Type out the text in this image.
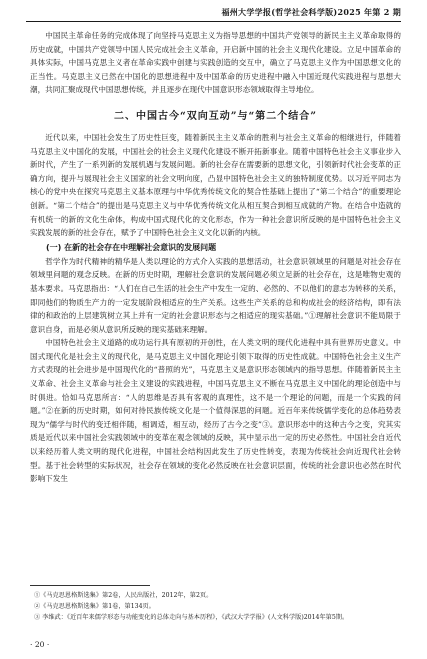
福州大学学报(哲学社会科学版)2025 年第 2 期

中国民主革命任务的完成体现了向坚持马克思主义为指导思想的中国共产党领导的新民主主义革命取得的历史成就，中国共产党领导中国人民完成社会主义革命，开启新中国的社会主义现代化建设。立足中国革命的具体实际，中国马克思主义者在革命实践中创建与实践创造的交互中，确立了马克思主义作为中国思想文化的正当性。马克思主义已然在中国化的思想进程中及中国革命的历史进程中融入中国近现代实践进程与思想大潮，共同汇聚成现代中国思想传统，并且逐步在现代中国意识形态领域取得主导地位。

二、中国古今“双向互动”与“第二个结合”

近代以来，中国社会发生了历史性巨变，随着新民主主义革命的胜利与社会主义革命的相继进行，伴随着马克思主义中国化的发展，中国社会的社会主义现代化建设不断开拓新事业。随着中国特色社会主义事业步入新时代，产生了一系列新的发展机遇与发展问题。新的社会存在需要新的思想文化，引领新时代社会变革的正确方向，提升与展现社会主义国家的社会文明向度，凸显中国特色社会主义的独特制度优势。以习近平同志为核心的党中央在探究马克思主义基本原理与中华优秀传统文化的契合性基础上提出了“第二个结合”的重要理论创新。“第二个结合”的提出是马克思主义与中华优秀传统文化从相互契合到相互成就的产物。在结合中造就的有机统一的新的文化生命体，构成中国式现代化的文化形态，作为一种社会意识所反映的是中国特色社会主义实践发展的新的社会存在，赋予了中国特色社会主义文化以新的内核。

(一) 在新的社会存在中理解社会意识的发展问题

哲学作为时代精神的精华是人类以理论的方式介入实践的思想活动，社会意识领域里的问题是对社会存在领域里问题的观念反映。在新的历史时期，理解社会意识的发展问题必须立足新的社会存在，这是唯物史观的基本要求。马克思指出：“人们在自己生活的社会生产中发生一定的、必然的、不以他们的意志为转移的关系，即同他们的物质生产力的一定发展阶段相适应的生产关系。这些生产关系的总和构成社会的经济结构，即有法律的和政治的上层建筑树立其上并有一定的社会意识形态与之相适应的现实基础。”①理解社会意识不能局限于意识自身，而是必须从意识所反映的现实基础来理解。

中国特色社会主义道路的成功运行具有原初的开创性，在人类文明的现代化进程中具有世界历史意义。中国式现代化是社会主义的现代化，是马克思主义中国化理论引领下取得的历史性成就。中国特色社会主义生产方式表现的社会进步是中国现代化的“普照的光”，马克思主义是意识形态领域内的指导思想。伴随着新民主主义革命、社会主义革命与社会主义建设的实践进程，中国马克思主义不断在马克思主义中国化的理论创造中与时俱进。恰如马克思所言：“人的思维是否具有客观的真理性，这不是一个理论的问题，而是一个实践的问题。”②在新的历史时期，如何对待民族传统文化是一个值得深思的问题。近百年来传统儒学变化的总体趋势表现为“儒学与时代的变迁相伴随，相调适，相互动，经历了古今之变”③。意识形态中的这种古今之变，究其实质是近代以来中国社会实践领域中的变革在观念领域的反映，其中显示出一定的历史必然性。中国社会自近代以来经历着人类文明的现代化进程，中国社会结构因此发生了历史性转变，表现为传统社会向近现代社会转型。基于社会转型的实际状况，社会存在领域的变化必然反映在社会意识层面，传统的社会意识也必然在时代影响下发生

①《马克思恩格斯选集》第2卷，人民出版社，2012年，第2页。

②《马克思恩格斯选集》第1卷，第134页。

③ 李维武：《近百年来儒学形态与功能变化的总体走向与基本历程》，《武汉大学学报》(人文科学版)2014年第5期。

· 20 ·
